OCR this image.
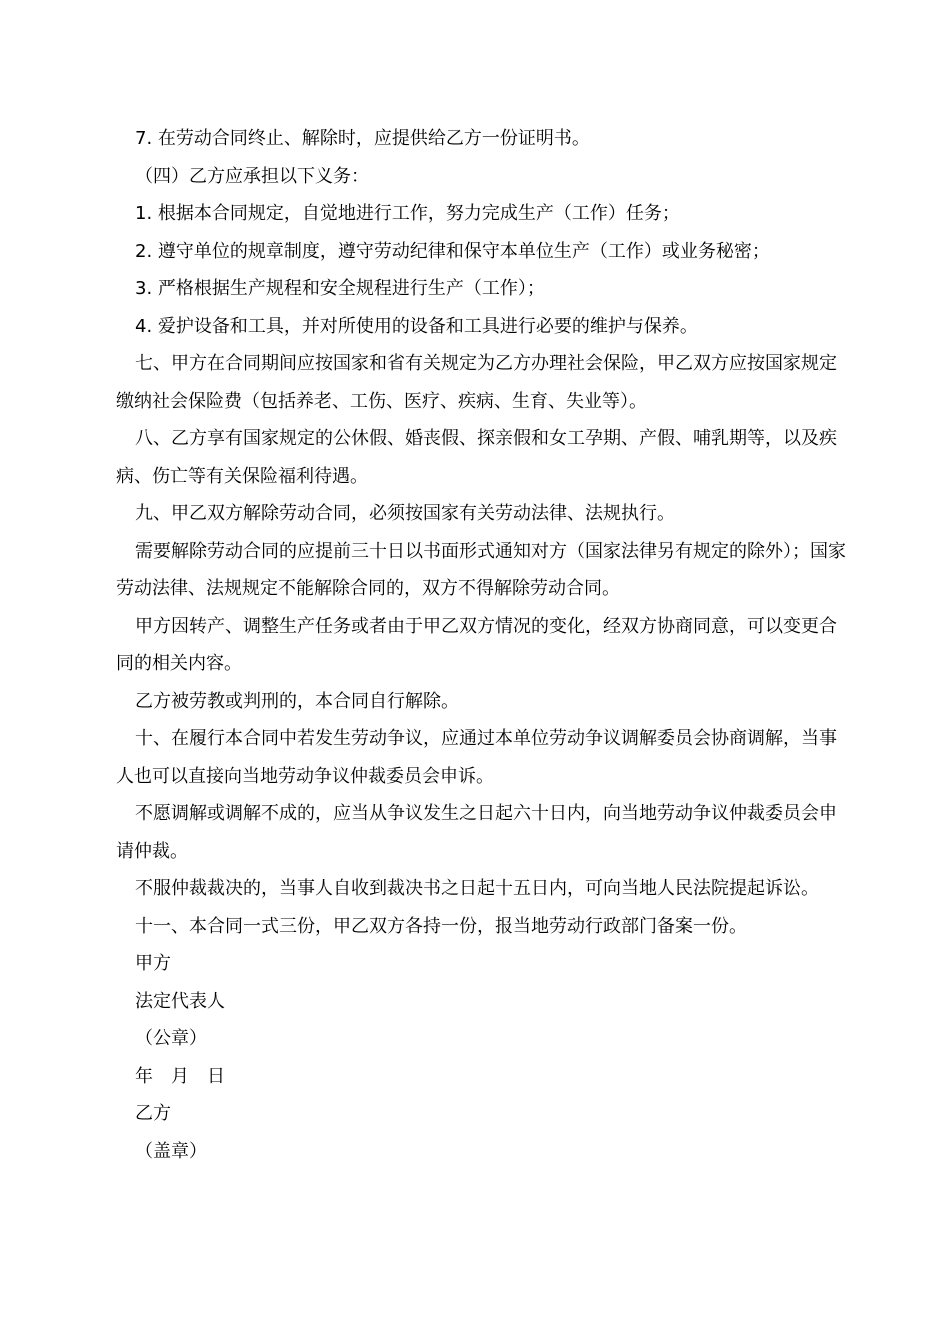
7. 在劳动合同终止、解除时，应提供给乙方一份证明书。

（四）乙方应承担以下义务：

1. 根据本合同规定，自觉地进行工作，努力完成生产（工作）任务；

2. 遵守单位的规章制度，遵守劳动纪律和保守本单位生产（工作）或业务秘密；

3. 严格根据生产规程和安全规程进行生产（工作）；

4. 爱护设备和工具，并对所使用的设备和工具进行必要的维护与保养。

七、甲方在合同期间应按国家和省有关规定为乙方办理社会保险，甲乙双方应按国家规定缴纳社会保险费（包括养老、工伤、医疗、疾病、生育、失业等）。

八、乙方享有国家规定的公休假、婚丧假、探亲假和女工孕期、产假、哺乳期等，以及疾病、伤亡等有关保险福利待遇。

九、甲乙双方解除劳动合同，必须按国家有关劳动法律、法规执行。

需要解除劳动合同的应提前三十日以书面形式通知对方（国家法律另有规定的除外）；国家劳动法律、法规规定不能解除合同的，双方不得解除劳动合同。

甲方因转产、调整生产任务或者由于甲乙双方情况的变化，经双方协商同意，可以变更合同的相关内容。

乙方被劳教或判刑的，本合同自行解除。

十、在履行本合同中若发生劳动争议，应通过本单位劳动争议调解委员会协商调解，当事人也可以直接向当地劳动争议仲裁委员会申诉。

不愿调解或调解不成的，应当从争议发生之日起六十日内，向当地劳动争议仲裁委员会申请仲裁。

不服仲裁裁决的，当事人自收到裁决书之日起十五日内，可向当地人民法院提起诉讼。

十一、本合同一式三份，甲乙双方各持一份，报当地劳动行政部门备案一份。

甲方

法定代表人

（公章）

年　月　日

乙方

（盖章）
